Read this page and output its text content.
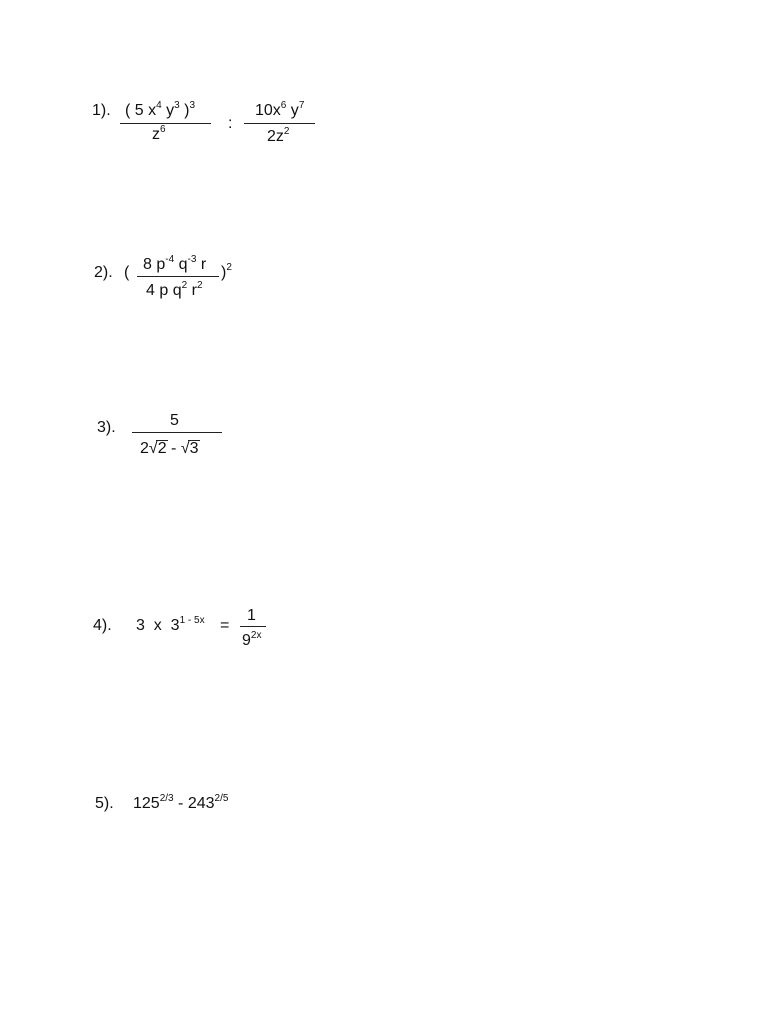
1). ( 5 $x^4$ $y^3$ )$^3$
$z^6$	:
$10x^6$ $y^7$
$2z^2$
2). ( 8 $p^{-4}$ $q^{-3}$ r
4 p $q^2$ $r^2$
)$^2$
3).	5
2
√2 -
√3
4). 3  x  $3^{1 - 5x}$ =
1
$9^{2x}$
5). $125^{2/3} - 243^{2/5}$
